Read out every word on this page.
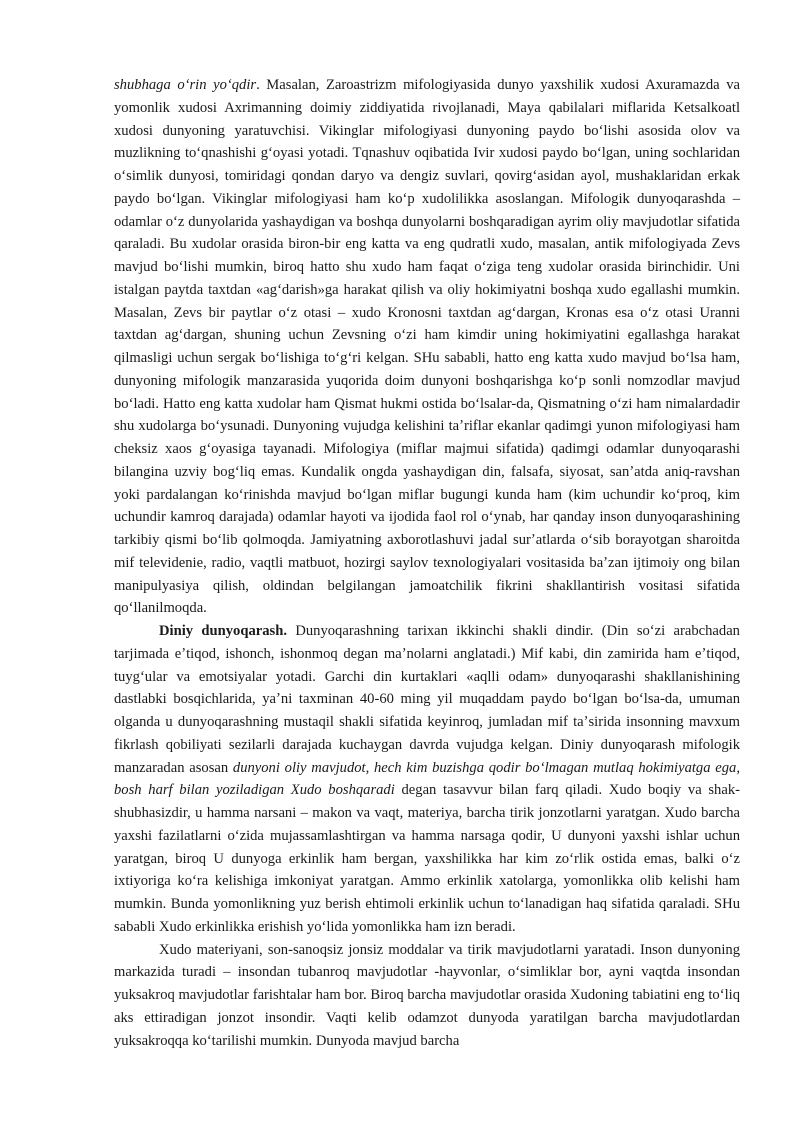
shubhaga oʻrin yoʻqdir. Masalan, Zaroastrizm mifologiyasida dunyo yaxshilik xudosi Axuramazda va yomonlik xudosi Axrimanning doimiy ziddiyatida rivojlanadi, Maya qabilalari miflarida Ketsalkoatl xudosi dunyoning yaratuvchisi. Vikinglar mifologiyasi dunyoning paydo boʻlishi asosida olov va muzlikning toʻqnashishi gʻoyasi yotadi. Tqnashuv oqibatida Ivir xudosi paydo boʻlgan, uning sochlaridan oʻsimlik dunyosi, tomiridagi qondan daryo va dengiz suvlari, qovirgʻasidan ayol, mushaklaridan erkak paydo boʻlgan. Vikinglar mifologiyasi ham koʻp xudolilikka asoslangan. Mifologik dunyoqarashda – odamlar oʻz dunyolarida yashaydigan va boshqa dunyolarni boshqaradigan ayrim oliy mavjudotlar sifatida qaraladi. Bu xudolar orasida biron-bir eng katta va eng qudratli xudo, masalan, antik mifologiyada Zevs mavjud boʻlishi mumkin, biroq hatto shu xudo ham faqat oʻziga teng xudolar orasida birinchidir. Uni istalgan paytda taxtdan «agʻdarish»ga harakat qilish va oliy hokimiyatni boshqa xudo egallashi mumkin. Masalan, Zevs bir paytlar oʻz otasi – xudo Kronosni taxtdan agʻdargan, Kronas esa oʻz otasi Uranni taxtdan agʻdargan, shuning uchun Zevsning oʻzi ham kimdir uning hokimiyatini egallashga harakat qilmasligi uchun sergak boʻlishiga toʻgʻri kelgan. SHu sababli, hatto eng katta xudo mavjud boʻlsa ham, dunyoning mifologik manzarasida yuqorida doim dunyoni boshqarishga koʻp sonli nomzodlar mavjud boʻladi. Hatto eng katta xudolar ham Qismat hukmi ostida boʻlsalar-da, Qismatning oʻzi ham nimalardadir shu xudolarga boʻysunadi. Dunyoning vujudga kelishini taʼriflar ekanlar qadimgi yunon mifologiyasi ham cheksiz xaos gʻoyasiga tayanadi. Mifologiya (miflar majmui sifatida) qadimgi odamlar dunyoqarashi bilangina uzviy bogʻliq emas. Kundalik ongda yashaydigan din, falsafa, siyosat, sanʼatda aniq-ravshan yoki pardalangan koʻrinishda mavjud boʻlgan miflar bugungi kunda ham (kim uchundir koʻproq, kim uchundir kamroq darajada) odamlar hayoti va ijodida faol rol oʻynab, har qanday inson dunyoqarashining tarkibiy qismi boʻlib qolmoqda. Jamiyatning axborotlashuvi jadal surʼatlarda oʻsib borayotgan sharoitda mif televidenie, radio, vaqtli matbuot, hozirgi saylov texnologiyalari vositasida baʼzan ijtimoiy ong bilan manipulyasiya qilish, oldindan belgilangan jamoatchilik fikrini shakllantirish vositasi sifatida qoʻllanilmoqda.

Diniy dunyoqarash. Dunyoqarashning tarixan ikkinchi shakli dindir. (Din soʻzi arabchadan tarjimada eʼtiqod, ishonch, ishonmoq degan maʼnolarni anglatadi.) Mif kabi, din zamirida ham eʼtiqod, tuygʻular va emotsiyalar yotadi. Garchi din kurtaklari «aqlli odam» dunyoqarashi shakllanishining dastlabki bosqichlarida, yaʼni taxminan 40-60 ming yil muqaddam paydo boʻlgan boʻlsa-da, umuman olganda u dunyoqarashning mustaqil shakli sifatida keyinroq, jumladan mif taʼsirida insonning mavxum fikrlash qobiliyati sezilarli darajada kuchaygan davrda vujudga kelgan. Diniy dunyoqarash mifologik manzaradan asosan dunyoni oliy mavjudot, hech kim buzishga qodir boʻlmagan mutlaq hokimiyatga ega, bosh harf bilan yoziladigan Xudo boshqaradi degan tasavvur bilan farq qiladi. Xudo boqiy va shak-shubhasizdir, u hamma narsani – makon va vaqt, materiya, barcha tirik jonzotlarni yaratgan. Xudo barcha yaxshi fazilatlarni oʻzida mujassamlashtirgan va hamma narsaga qodir, U dunyoni yaxshi ishlar uchun yaratgan, biroq U dunyoga erkinlik ham bergan, yaxshilikka har kim zoʻrlik ostida emas, balki oʻz ixtiyoriga koʻra kelishiga imkoniyat yaratgan. Ammo erkinlik xatolarga, yomonlikka olib kelishi ham mumkin. Bunda yomonlikning yuz berish ehtimoli erkinlik uchun toʻlanadigan haq sifatida qaraladi. SHu sababli Xudo erkinlikka erishish yoʻlida yomonlikka ham izn beradi.

Xudo materiyani, son-sanoqsiz jonsiz moddalar va tirik mavjudotlarni yaratadi. Inson dunyoning markazida turadi – insondan tubanroq mavjudotlar -hayvonlar, oʻsimliklar bor, ayni vaqtda insondan yuksakroq mavjudotlar farishtalar ham bor. Biroq barcha mavjudotlar orasida Xudoning tabiatini eng toʻliq aks ettiradigan jonzot insondir. Vaqti kelib odamzot dunyoda yaratilgan barcha mavjudotlardan yuksakroqqa koʻtarilishi mumkin. Dunyoda mavjud barcha
